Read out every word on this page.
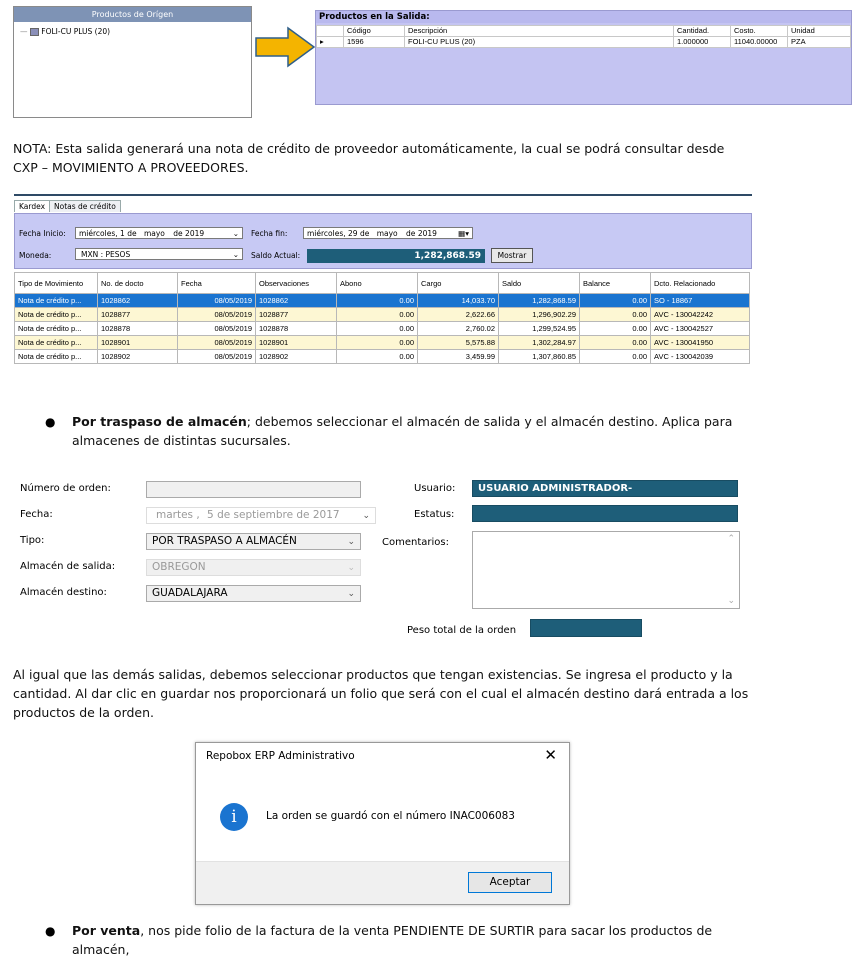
Productos de Orígen
— FOLI-CU PLUS (20)
Productos en la Salida:
	Código	Descripción	Cantidad.	Costo.	Unidad
▸	1596	FOLI-CU PLUS (20)	1.000000	11040.00000	PZA
NOTA: Esta salida generará una nota de crédito de proveedor automáticamente, la cual se podrá consultar desde CXP – MOVIMIENTO A PROVEEDORES.
Kardex Notas de crédito
Fecha Inicio:	miércoles, 1 de mayo de 2019	⌄ Fecha fin:	miércoles, 29 de mayo de 2019	▦▾
Moneda:	MXN : PESOS	⌄ Saldo Actual:	1,282,868.59	Mostrar
Tipo de Movimiento	No. de docto	Fecha	Observaciones	Abono	Cargo	Saldo	Balance	Dcto. Relacionado
Nota de crédito p...	1028862	08/05/2019	1028862	0.00	14,033.70	1,282,868.59	0.00	SO - 18867
Nota de crédito p...	1028877	08/05/2019	1028877	0.00	2,622.66	1,296,902.29	0.00	AVC - 130042242
Nota de crédito p...	1028878	08/05/2019	1028878	0.00	2,760.02	1,299,524.95	0.00	AVC - 130042527
Nota de crédito p...	1028901	08/05/2019	1028901	0.00	5,575.88	1,302,284.97	0.00	AVC - 130041950
Nota de crédito p...	1028902	08/05/2019	1028902	0.00	3,459.99	1,307,860.85	0.00	AVC - 130042039
● Por traspaso de almacén; debemos seleccionar el almacén de salida y el almacén destino. Aplica para almacenes de distintas sucursales.
Número de orden:
Fecha:	martes , 5 de septiembre de 2017	⌄
Tipo:	POR TRASPASO A ALMACÉN	⌄
Almacén de salida:	OBREGON	⌄
Almacén destino:	GUADALAJARA	⌄
Usuario:	USUARIO ADMINISTRADOR-
Estatus:
Comentarios:	⌃
⌄
Peso total de la orden
Al igual que las demás salidas, debemos seleccionar productos que tengan existencias. Se ingresa el producto y la cantidad. Al dar clic en guardar nos proporcionará un folio que será con el cual el almacén destino dará entrada a los productos de la orden.
Repobox ERP Administrativo	✕
i	La orden se guardó con el número INAC006083
Aceptar
● Por venta, nos pide folio de la factura de la venta PENDIENTE DE SURTIR para sacar los productos de almacén,
